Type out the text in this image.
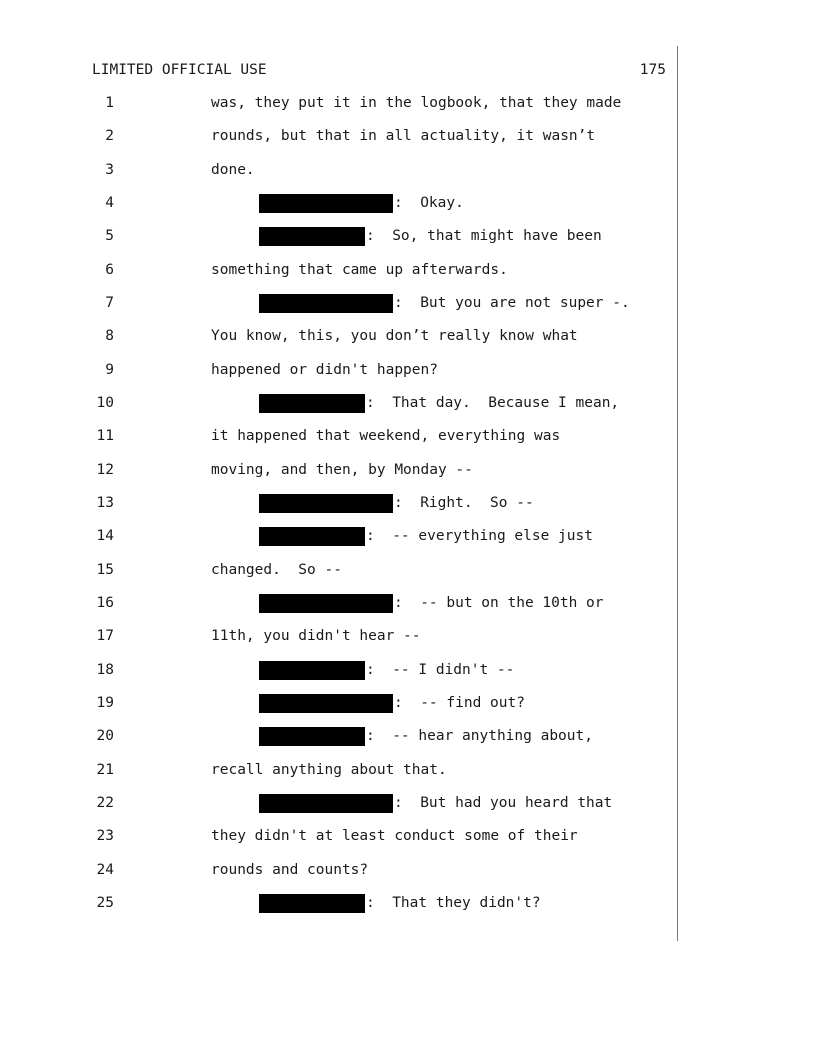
LIMITED OFFICIAL USE	175
1	was, they put it in the logbook, that they made
2	rounds, but that in all actuality, it wasn’t
3	done.
4	:  Okay.
5	:  So, that might have been
6	something that came up afterwards.
7	:  But you are not super -.
8	You know, this, you don’t really know what
9	happened or didn't happen?
10	:  That day.  Because I mean,
11	it happened that weekend, everything was
12	moving, and then, by Monday --
13	:  Right.  So --
14	:  -- everything else just
15	changed.  So --
16	:  -- but on the 10th or
17	11th, you didn't hear --
18	:  -- I didn't --
19	:  -- find out?
20	:  -- hear anything about,
21	recall anything about that.
22	:  But had you heard that
23	they didn't at least conduct some of their
24	rounds and counts?
25	:  That they didn't?
